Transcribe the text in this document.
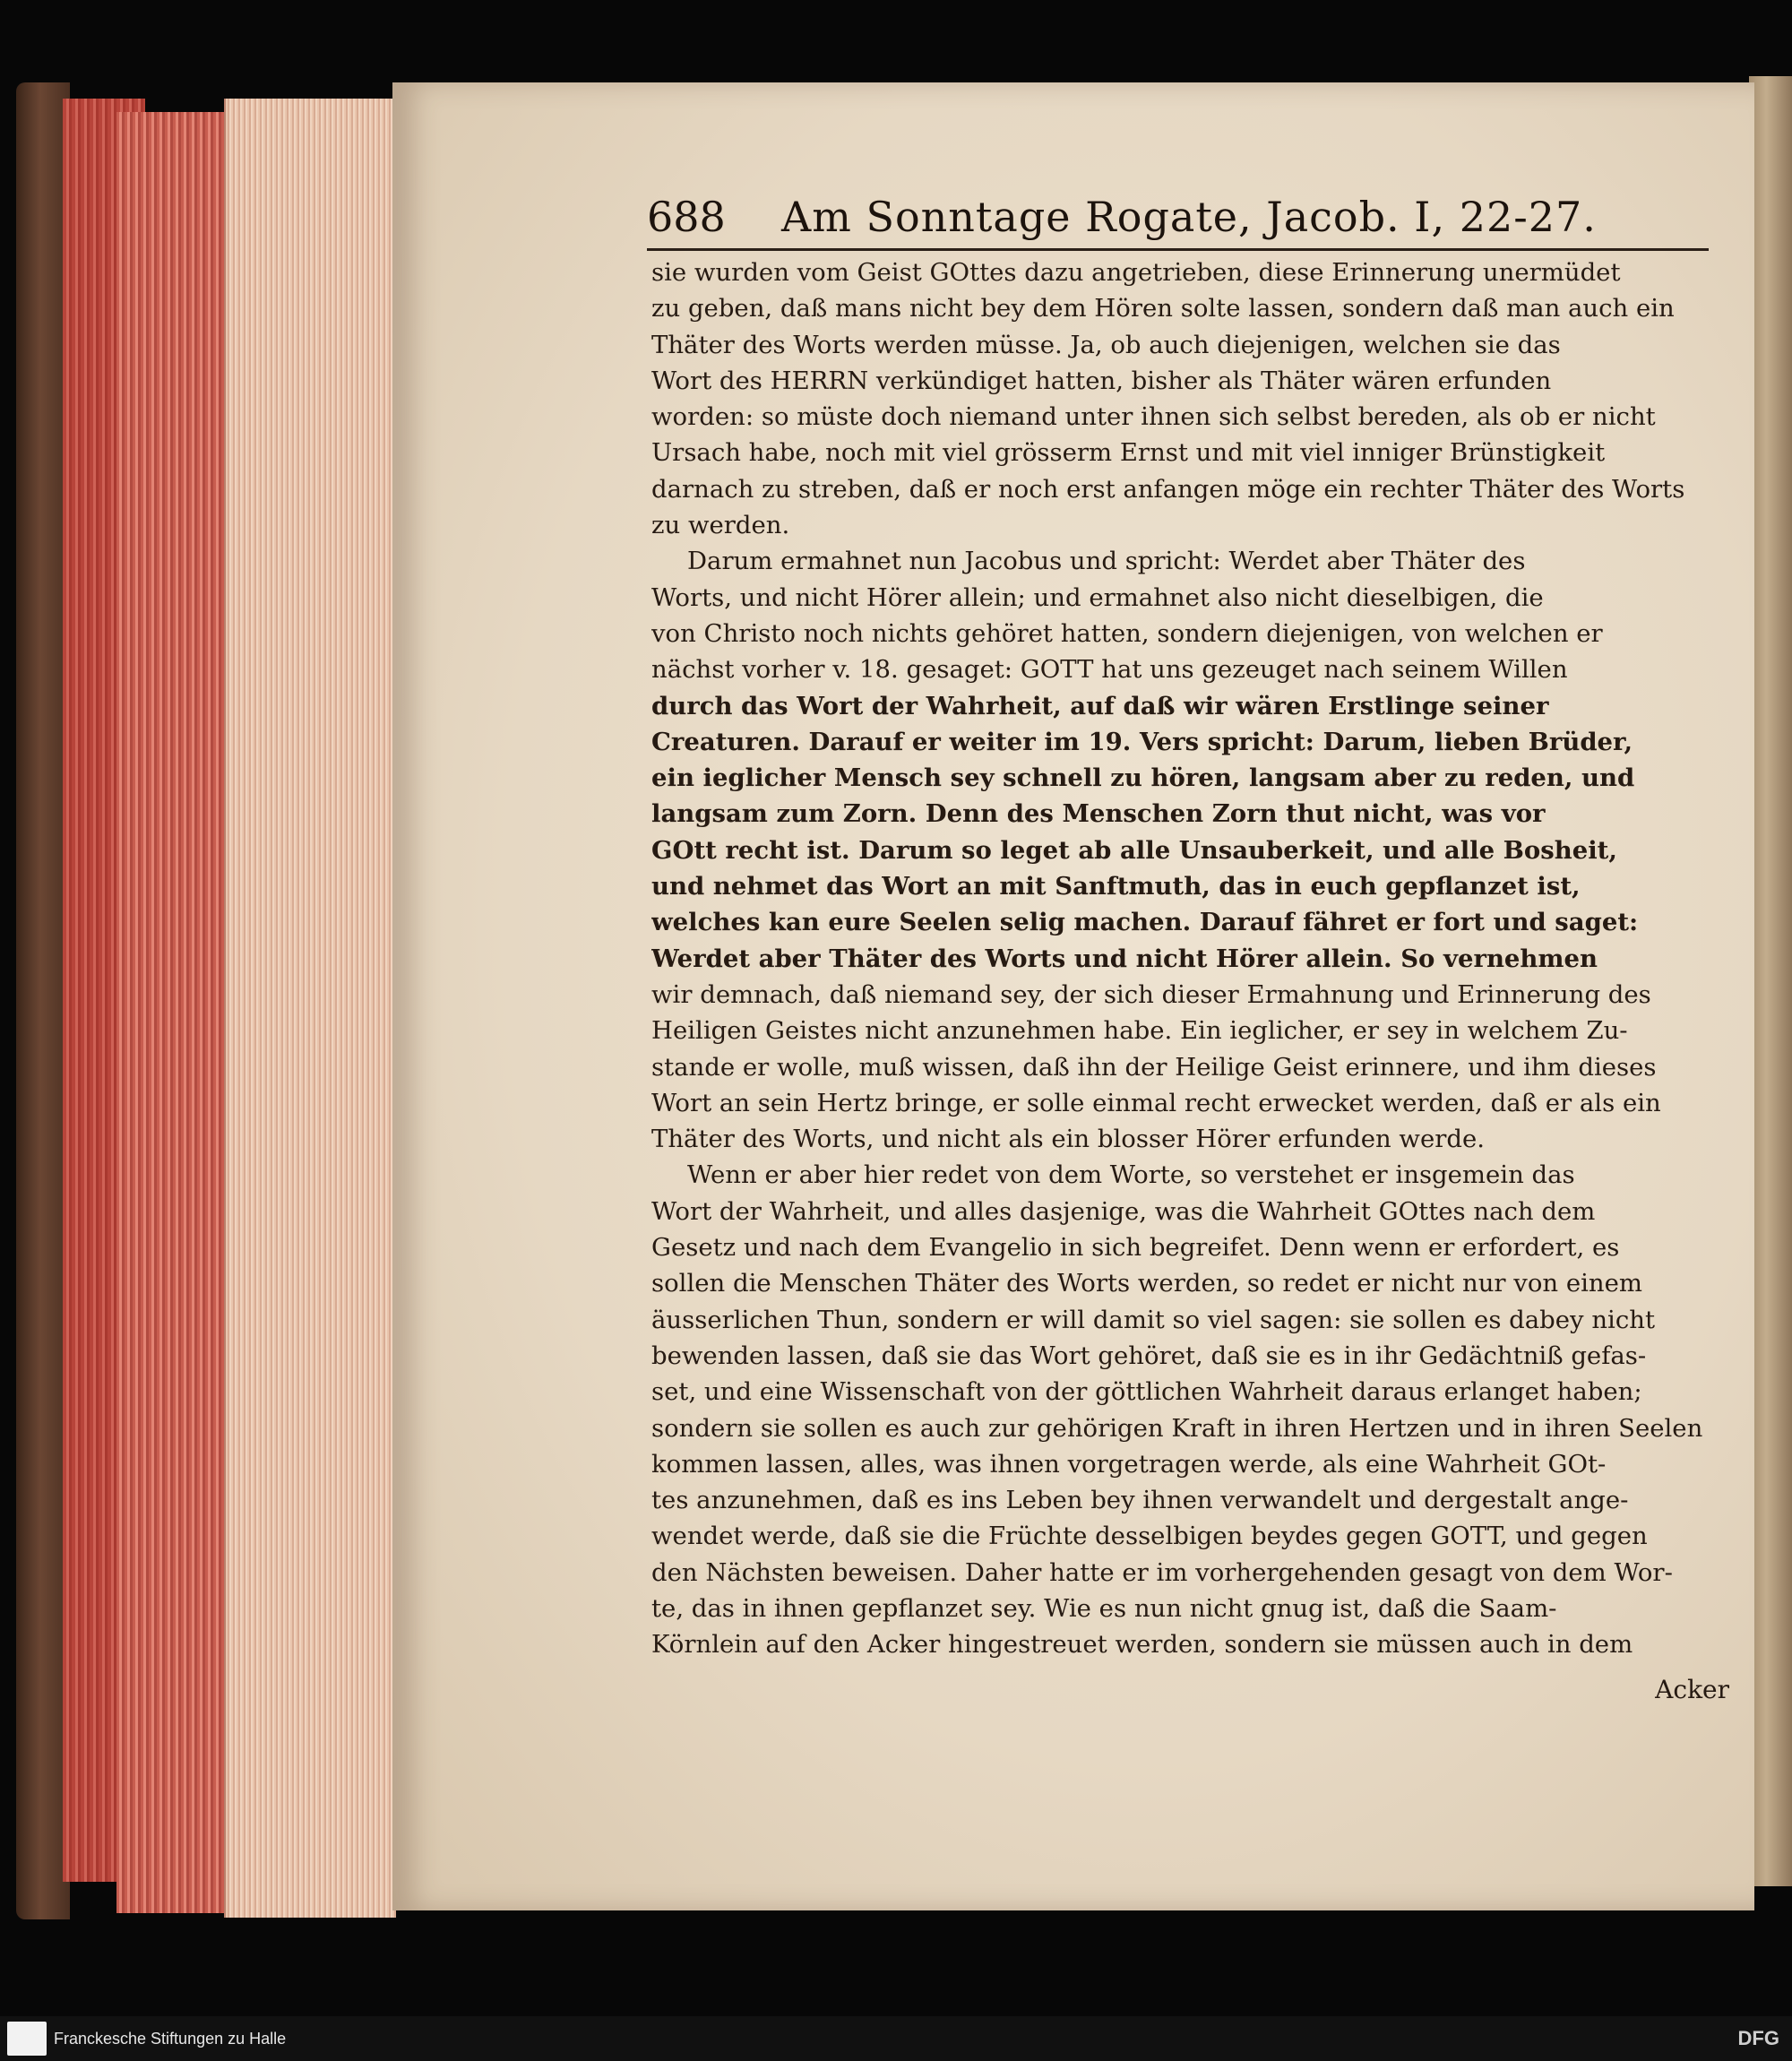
688 Am Sonntage Rogate, Jacob. I, 22-27.
sie wurden vom Geist GOttes dazu angetrieben, diese Erinnerung unermüdet
zu geben, daß mans nicht bey dem Hören solte lassen, sondern daß man auch ein
Thäter des Worts werden müsse. Ja, ob auch diejenigen, welchen sie das
Wort des HERRN verkündiget hatten, bisher als Thäter wären erfunden
worden: so müste doch niemand unter ihnen sich selbst bereden, als ob er nicht
Ursach habe, noch mit viel grösserm Ernst und mit viel inniger Brünstigkeit
darnach zu streben, daß er noch erst anfangen möge ein rechter Thäter des Worts
zu werden.
Darum ermahnet nun Jacobus und spricht: Werdet aber Thäter des
Worts, und nicht Hörer allein; und ermahnet also nicht dieselbigen, die
von Christo noch nichts gehöret hatten, sondern diejenigen, von welchen er
nächst vorher v. 18. gesaget: GOTT hat uns gezeuget nach seinem Willen
durch das Wort der Wahrheit, auf daß wir wären Erstlinge seiner
Creaturen. Darauf er weiter im 19. Vers spricht: Darum, lieben Brüder,
ein ieglicher Mensch sey schnell zu hören, langsam aber zu reden, und
langsam zum Zorn. Denn des Menschen Zorn thut nicht, was vor
GOtt recht ist. Darum so leget ab alle Unsauberkeit, und alle Bosheit,
und nehmet das Wort an mit Sanftmuth, das in euch gepflanzet ist,
welches kan eure Seelen selig machen. Darauf fähret er fort und saget:
Werdet aber Thäter des Worts und nicht Hörer allein. So vernehmen
wir demnach, daß niemand sey, der sich dieser Ermahnung und Erinnerung des
Heiligen Geistes nicht anzunehmen habe. Ein ieglicher, er sey in welchem Zu-
stande er wolle, muß wissen, daß ihn der Heilige Geist erinnere, und ihm dieses
Wort an sein Hertz bringe, er solle einmal recht erwecket werden, daß er als ein
Thäter des Worts, und nicht als ein blosser Hörer erfunden werde.
Wenn er aber hier redet von dem Worte, so verstehet er insgemein das
Wort der Wahrheit, und alles dasjenige, was die Wahrheit GOttes nach dem
Gesetz und nach dem Evangelio in sich begreifet. Denn wenn er erfordert, es
sollen die Menschen Thäter des Worts werden, so redet er nicht nur von einem
äusserlichen Thun, sondern er will damit so viel sagen: sie sollen es dabey nicht
bewenden lassen, daß sie das Wort gehöret, daß sie es in ihr Gedächtniß gefas-
set, und eine Wissenschaft von der göttlichen Wahrheit daraus erlanget haben;
sondern sie sollen es auch zur gehörigen Kraft in ihren Hertzen und in ihren Seelen
kommen lassen, alles, was ihnen vorgetragen werde, als eine Wahrheit GOt-
tes anzunehmen, daß es ins Leben bey ihnen verwandelt und dergestalt ange-
wendet werde, daß sie die Früchte desselbigen beydes gegen GOTT, und gegen
den Nächsten beweisen. Daher hatte er im vorhergehenden gesagt von dem Wor-
te, das in ihnen gepflanzet sey. Wie es nun nicht gnug ist, daß die Saam-
Körnlein auf den Acker hingestreuet werden, sondern sie müssen auch in dem
Acker
Franckesche Stiftungen zu Halle	DFG
